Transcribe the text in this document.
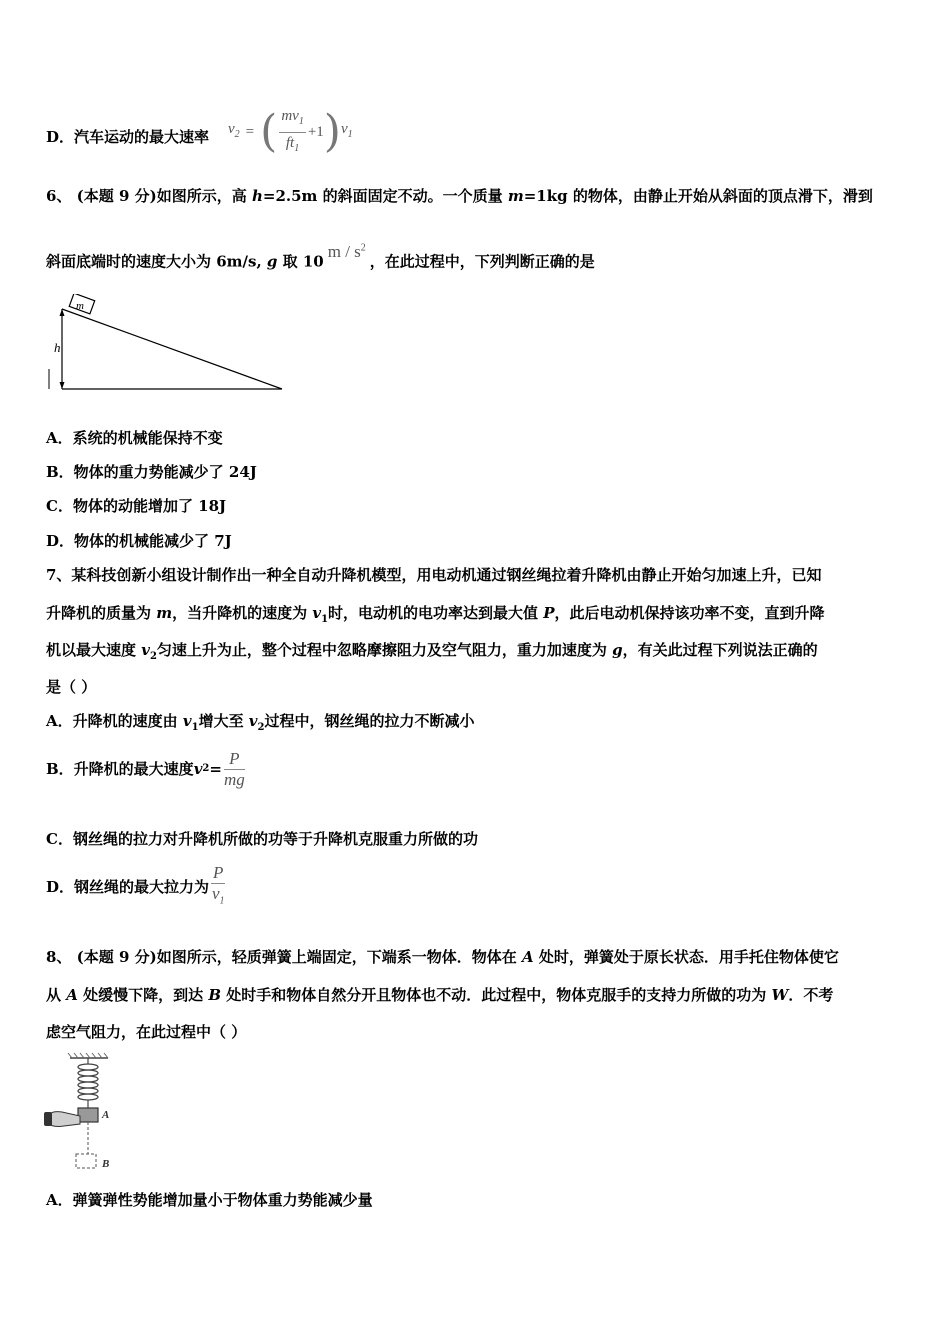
D．汽车运动的最大速率 $v_2$ = ( $\frac{mv_1}{ft_1} +1$ ) $v_1$
6、 (本题 9 分)如图所示，高 h=2.5m 的斜面固定不动。一个质量 m=1kg 的物体，由静止开始从斜面的顶点滑下，滑到
斜面底端时的速度大小为 6m/s, g 取 $10m / s^2$，在此过程中，下列判断正确的是
m
h
A．系统的机械能保持不变
B．物体的重力势能减少了 24J
C．物体的动能增加了 18J
D．物体的机械能减少了 7J
7、某科技创新小组设计制作出一种全自动升降机模型，用电动机通过钢丝绳拉着升降机由静止开始匀加速上升，已知
升降机的质量为 m，当升降机的速度为 $v_1$时，电动机的电功率达到最大值 P，此后电动机保持该功率不变，直到升降
机以最大速度 $v_2$匀速上升为止，整个过程中忽略摩擦阻力及空气阻力，重力加速度为 g，有关此过程下列说法正确的
是（ ）
A．升降机的速度由 $v_1$增大至 $v_2$过程中，钢丝绳的拉力不断减小
B．升降机的最大速度 v $2 = \frac{P}{mg}$
C．钢丝绳的拉力对升降机所做的功等于升降机克服重力所做的功
D．钢丝绳的最大拉力为 $\frac{P}{v_1}$
8、 (本题 9 分)如图所示，轻质弹簧上端固定，下端系一物体．物体在 A 处时，弹簧处于原长状态．用手托住物体使它
从 A 处缓慢下降，到达 B 处时手和物体自然分开且物体也不动．此过程中，物体克服手的支持力所做的功为 W．不考
虑空气阻力，在此过程中（ ）
A
B
A．弹簧弹性势能增加量小于物体重力势能减少量
